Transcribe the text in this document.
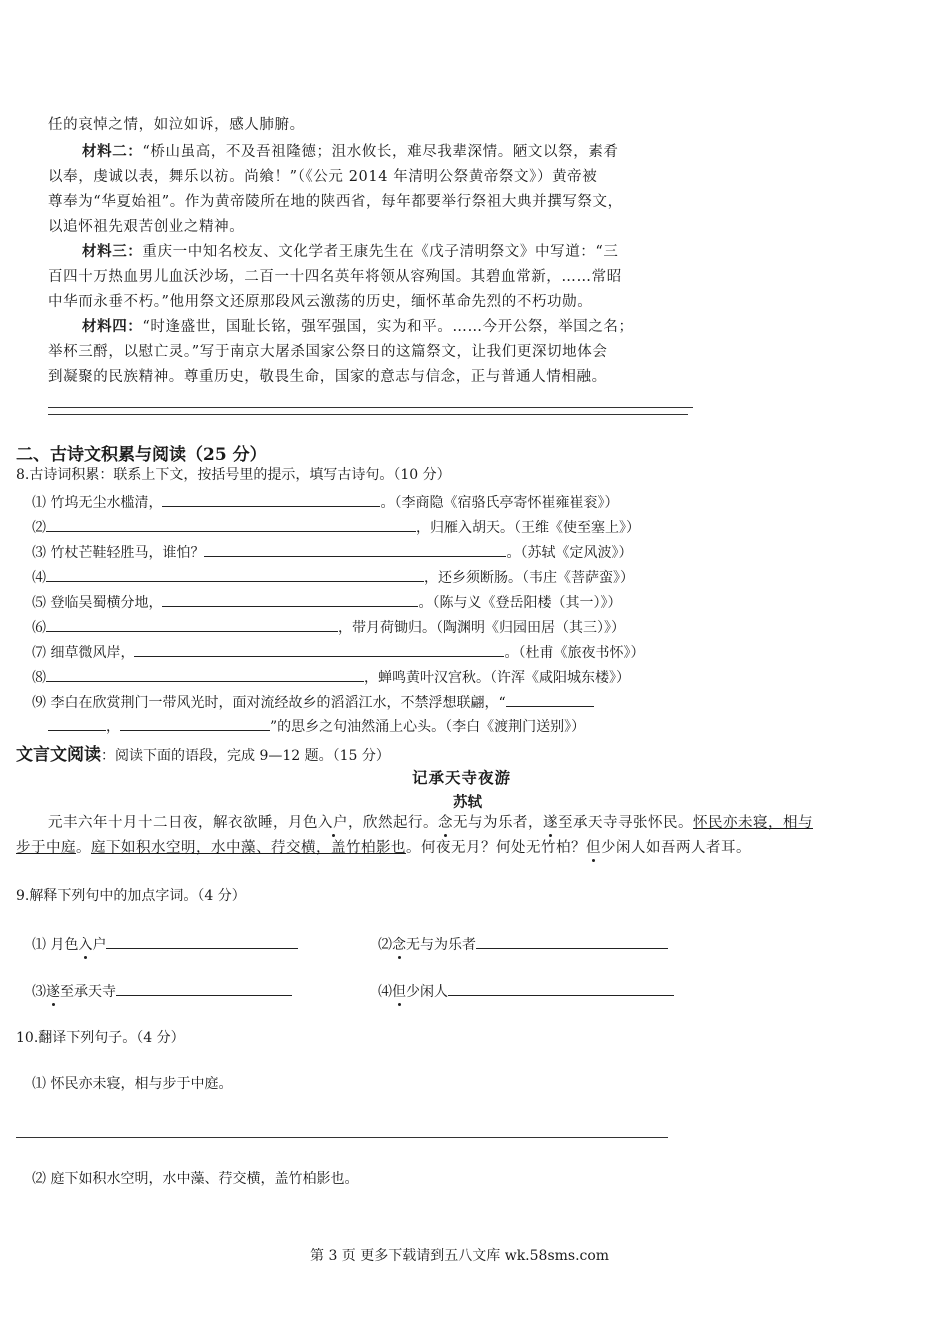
任的哀悼之情，如泣如诉，感人肺腑。
材料二：“桥山虽高，不及吾祖隆德；沮水攸长，难尽我辈深情。陋文以祭，素肴
以奉，虔诚以表，舞乐以祊。尚飨！”（《公元 2014 年清明公祭黄帝祭文》）黄帝被
尊奉为“华夏始祖”。作为黄帝陵所在地的陕西省，每年都要举行祭祖大典并撰写祭文，
以追怀祖先艰苦创业之精神。
材料三：重庆一中知名校友、文化学者王康先生在《戊子清明祭文》中写道：“三
百四十万热血男儿血沃沙场，二百一十四名英年将领从容殉国。其碧血常新，……常昭
中华而永垂不朽。”他用祭文还原那段风云激荡的历史，缅怀革命先烈的不朽功勋。
材料四：“时逢盛世，国耻长铭，强军强国，实为和平。……今开公祭，举国之名；
举杯三酹，以慰亡灵。”写于南京大屠杀国家公祭日的这篇祭文，让我们更深切地体会
到凝聚的民族精神。尊重历史，敬畏生命，国家的意志与信念，正与普通人情相融。
二、古诗文积累与阅读（25 分）
8.古诗词积累：联系上下文，按括号里的提示，填写古诗句。（10 分）
⑴ 竹坞无尘水槛清，	。（李商隐《宿骆氏亭寄怀崔雍崔衮》）
⑵	，归雁入胡天。（王维《使至塞上》）
⑶ 竹杖芒鞋轻胜马，谁怕？	。（苏轼《定风波》）
⑷	，还乡须断肠。（韦庄《菩萨蛮》）
⑸ 登临吴蜀横分地，	。（陈与义《登岳阳楼（其一）》）
⑹	，带月荷锄归。（陶渊明《归园田居（其三）》）
⑺ 细草微风岸，	。（杜甫《旅夜书怀》）
⑻	，蝉鸣黄叶汉宫秋。（许浑《咸阳城东楼》）
⑼ 李白在欣赏荆门一带风光时，面对流经故乡的滔滔江水，不禁浮想联翩，“
，	”的思乡之句油然涌上心头。（李白《渡荆门送别》）
文言文阅读：阅读下面的语段，完成 9—12 题。（15 分）
记承天寺夜游
苏轼
元丰六年十月十二日夜，解衣欲睡，月色入户，欣然起行。念无与为乐者，遂至承天寺寻张怀民。怀民亦未寝，相与
步于中庭。庭下如积水空明，水中藻、荇交横，盖竹柏影也。何夜无月？何处无竹柏？但少闲人如吾两人者耳。
9.解释下列句中的加点字词。（4 分）
⑴ 月色入户	⑵念无与为乐者
⑶遂至承天寺	⑷但少闲人
10.翻译下列句子。（4 分）
⑴ 怀民亦未寝，相与步于中庭。
⑵ 庭下如积水空明，水中藻、荇交横，盖竹柏影也。
第 3 页 更多下载请到五八文库 wk.58sms.com
